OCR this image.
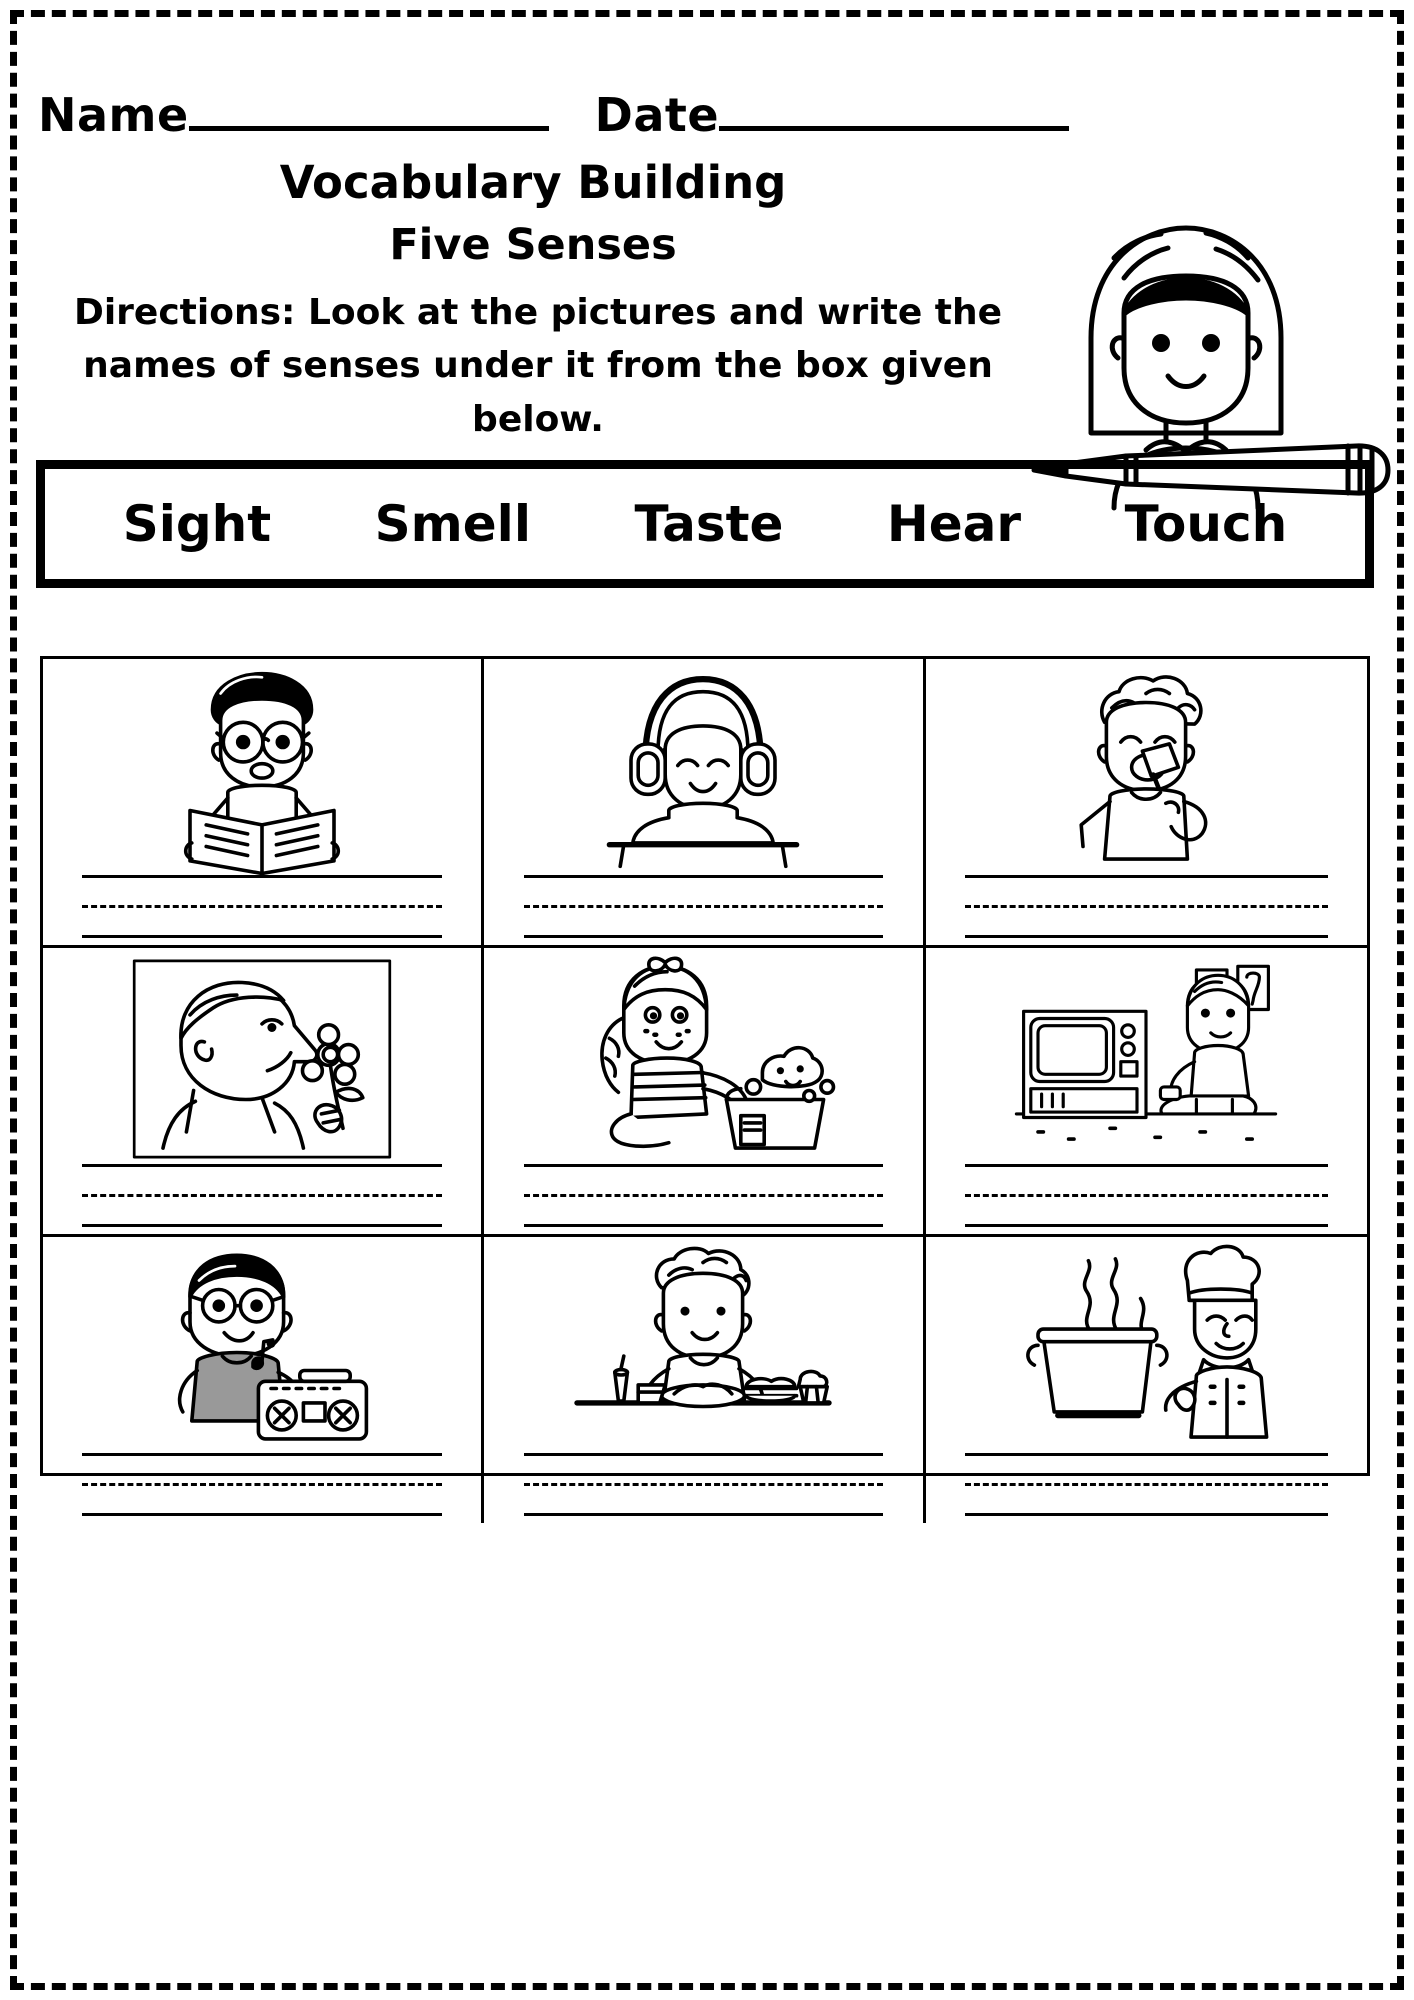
Name	Date
Vocabulary Building
Five Senses
Directions: Look at the pictures and write the names of senses under it from the box given below.
Sight Smell Taste Hear Touch
